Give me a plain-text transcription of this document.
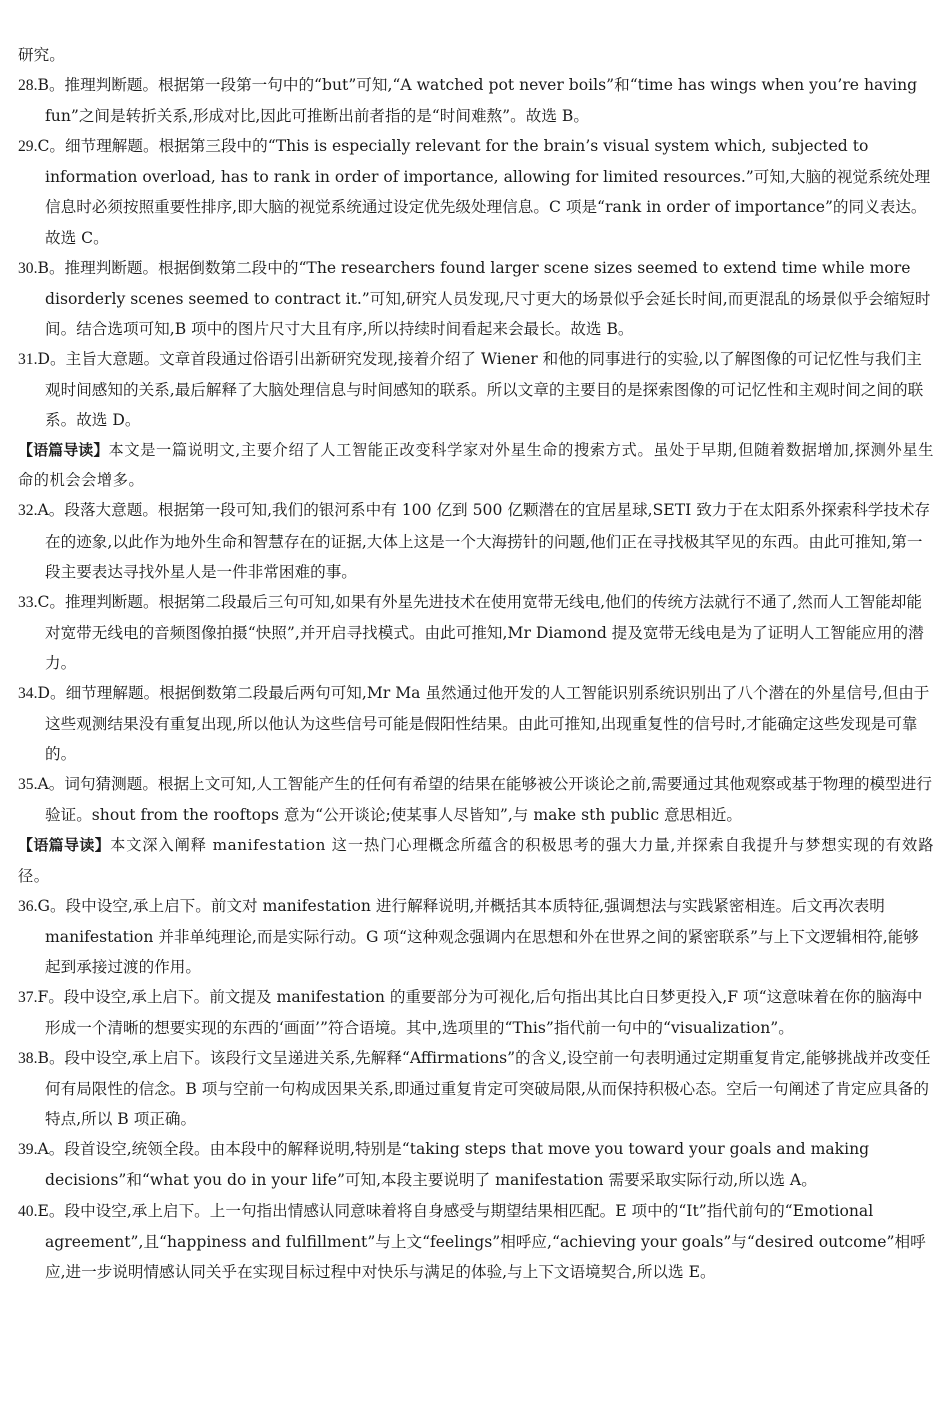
研究。
28.B。推理判断题。根据第一段第一句中的“but”可知,“A watched pot never boils”和“time has wings when you’re having fun”之间是转折关系,形成对比,因此可推断出前者指的是“时间难熬”。故选 B。
29.C。细节理解题。根据第三段中的“This is especially relevant for the brain’s visual system which, subjected to information overload, has to rank in order of importance, allowing for limited resources.”可知,大脑的视觉系统处理信息时必须按照重要性排序,即大脑的视觉系统通过设定优先级处理信息。C 项是“rank in order of importance”的同义表达。故选 C。
30.B。推理判断题。根据倒数第二段中的“The researchers found larger scene sizes seemed to extend time while more disorderly scenes seemed to contract it.”可知,研究人员发现,尺寸更大的场景似乎会延长时间,而更混乱的场景似乎会缩短时间。结合选项可知,B 项中的图片尺寸大且有序,所以持续时间看起来会最长。故选 B。
31.D。主旨大意题。文章首段通过俗语引出新研究发现,接着介绍了 Wiener 和他的同事进行的实验,以了解图像的可记忆性与我们主观时间感知的关系,最后解释了大脑处理信息与时间感知的联系。所以文章的主要目的是探索图像的可记忆性和主观时间之间的联系。故选 D。
【语篇导读】本文是一篇说明文,主要介绍了人工智能正改变科学家对外星生命的搜索方式。虽处于早期,但随着数据增加,探测外星生命的机会会增多。
32.A。段落大意题。根据第一段可知,我们的银河系中有 100 亿到 500 亿颗潜在的宜居星球,SETI 致力于在太阳系外探索科学技术存在的迹象,以此作为地外生命和智慧存在的证据,大体上这是一个大海捞针的问题,他们正在寻找极其罕见的东西。由此可推知,第一段主要表达寻找外星人是一件非常困难的事。
33.C。推理判断题。根据第二段最后三句可知,如果有外星先进技术在使用宽带无线电,他们的传统方法就行不通了,然而人工智能却能对宽带无线电的音频图像拍摄“快照”,并开启寻找模式。由此可推知,Mr Diamond 提及宽带无线电是为了证明人工智能应用的潜力。
34.D。细节理解题。根据倒数第二段最后两句可知,Mr Ma 虽然通过他开发的人工智能识别系统识别出了八个潜在的外星信号,但由于这些观测结果没有重复出现,所以他认为这些信号可能是假阳性结果。由此可推知,出现重复性的信号时,才能确定这些发现是可靠的。
35.A。词句猜测题。根据上文可知,人工智能产生的任何有希望的结果在能够被公开谈论之前,需要通过其他观察或基于物理的模型进行验证。shout from the rooftops 意为“公开谈论;使某事人尽皆知”,与 make sth public 意思相近。
【语篇导读】本文深入阐释 manifestation 这一热门心理概念所蕴含的积极思考的强大力量,并探索自我提升与梦想实现的有效路径。
36.G。段中设空,承上启下。前文对 manifestation 进行解释说明,并概括其本质特征,强调想法与实践紧密相连。后文再次表明 manifestation 并非单纯理论,而是实际行动。G 项“这种观念强调内在思想和外在世界之间的紧密联系”与上下文逻辑相符,能够起到承接过渡的作用。
37.F。段中设空,承上启下。前文提及 manifestation 的重要部分为可视化,后句指出其比白日梦更投入,F 项“这意味着在你的脑海中形成一个清晰的想要实现的东西的‘画面’”符合语境。其中,选项里的“This”指代前一句中的“visualization”。
38.B。段中设空,承上启下。该段行文呈递进关系,先解释“Affirmations”的含义,设空前一句表明通过定期重复肯定,能够挑战并改变任何有局限性的信念。B 项与空前一句构成因果关系,即通过重复肯定可突破局限,从而保持积极心态。空后一句阐述了肯定应具备的特点,所以 B 项正确。
39.A。段首设空,统领全段。由本段中的解释说明,特别是“taking steps that move you toward your goals and making decisions”和“what you do in your life”可知,本段主要说明了 manifestation 需要采取实际行动,所以选 A。
40.E。段中设空,承上启下。上一句指出情感认同意味着将自身感受与期望结果相匹配。E 项中的“It”指代前句的“Emotional agreement”,且“happiness and fulfillment”与上文“feelings”相呼应,“achieving your goals”与“desired outcome”相呼应,进一步说明情感认同关乎在实现目标过程中对快乐与满足的体验,与上下文语境契合,所以选 E。
